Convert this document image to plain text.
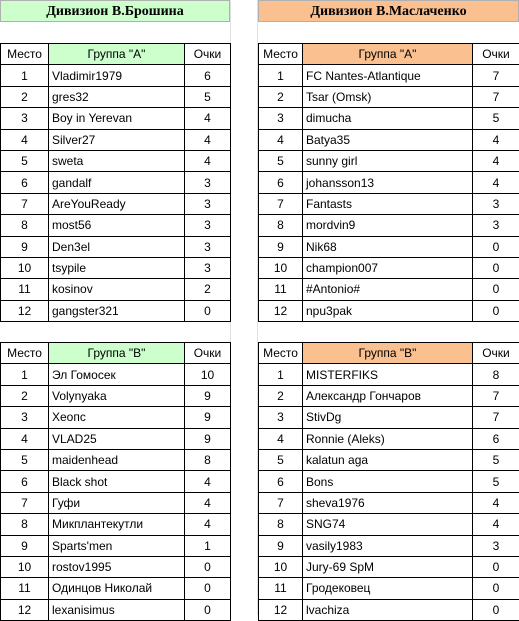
Дивизион В.Брошина	Дивизион В.Маслаченко
Место	Группа "А"	Очки
1	Vladimir1979	6
2	gres32	5
3	Boy in Yerevan	4
4	Silver27	4
5	sweta	4
6	gandalf	3
7	AreYouReady	3
8	most56	3
9	Den3el	3
10	tsypile	3
11	kosinov	2
12	gangster321	0
Место	Группа "А"	Очки
1	FC Nantes-Atlantique	7
2	Tsar (Omsk)	7
3	dimucha	5
4	Batya35	4
5	sunny girl	4
6	johansson13	4
7	Fantasts	3
8	mordvin9	3
9	Nik68	0
10	champion007	0
11	#Antonio#	0
12	npu3pak	0
Место	Группа "В"	Очки
1	Эл Гомосек	10
2	Volynyaka	9
3	Хеопс	9
4	VLAD25	9
5	maidenhead	8
6	Black shot	4
7	Гуфи	4
8	Микплантекутли	4
9	Sparts'men	1
10	rostov1995	0
11	Одинцов Николай	0
12	lexanisimus	0
Место	Группа "В"	Очки
1	MISTERFIKS	8
2	Александр Гончаров	7
3	StivDg	7
4	Ronnie (Aleks)	6
5	kalatun aga	5
6	Bons	5
7	sheva1976	4
8	SNG74	4
9	vasily1983	3
10	Jury-69 SpM	0
11	Гродековец	0
12	lvachiza	0
